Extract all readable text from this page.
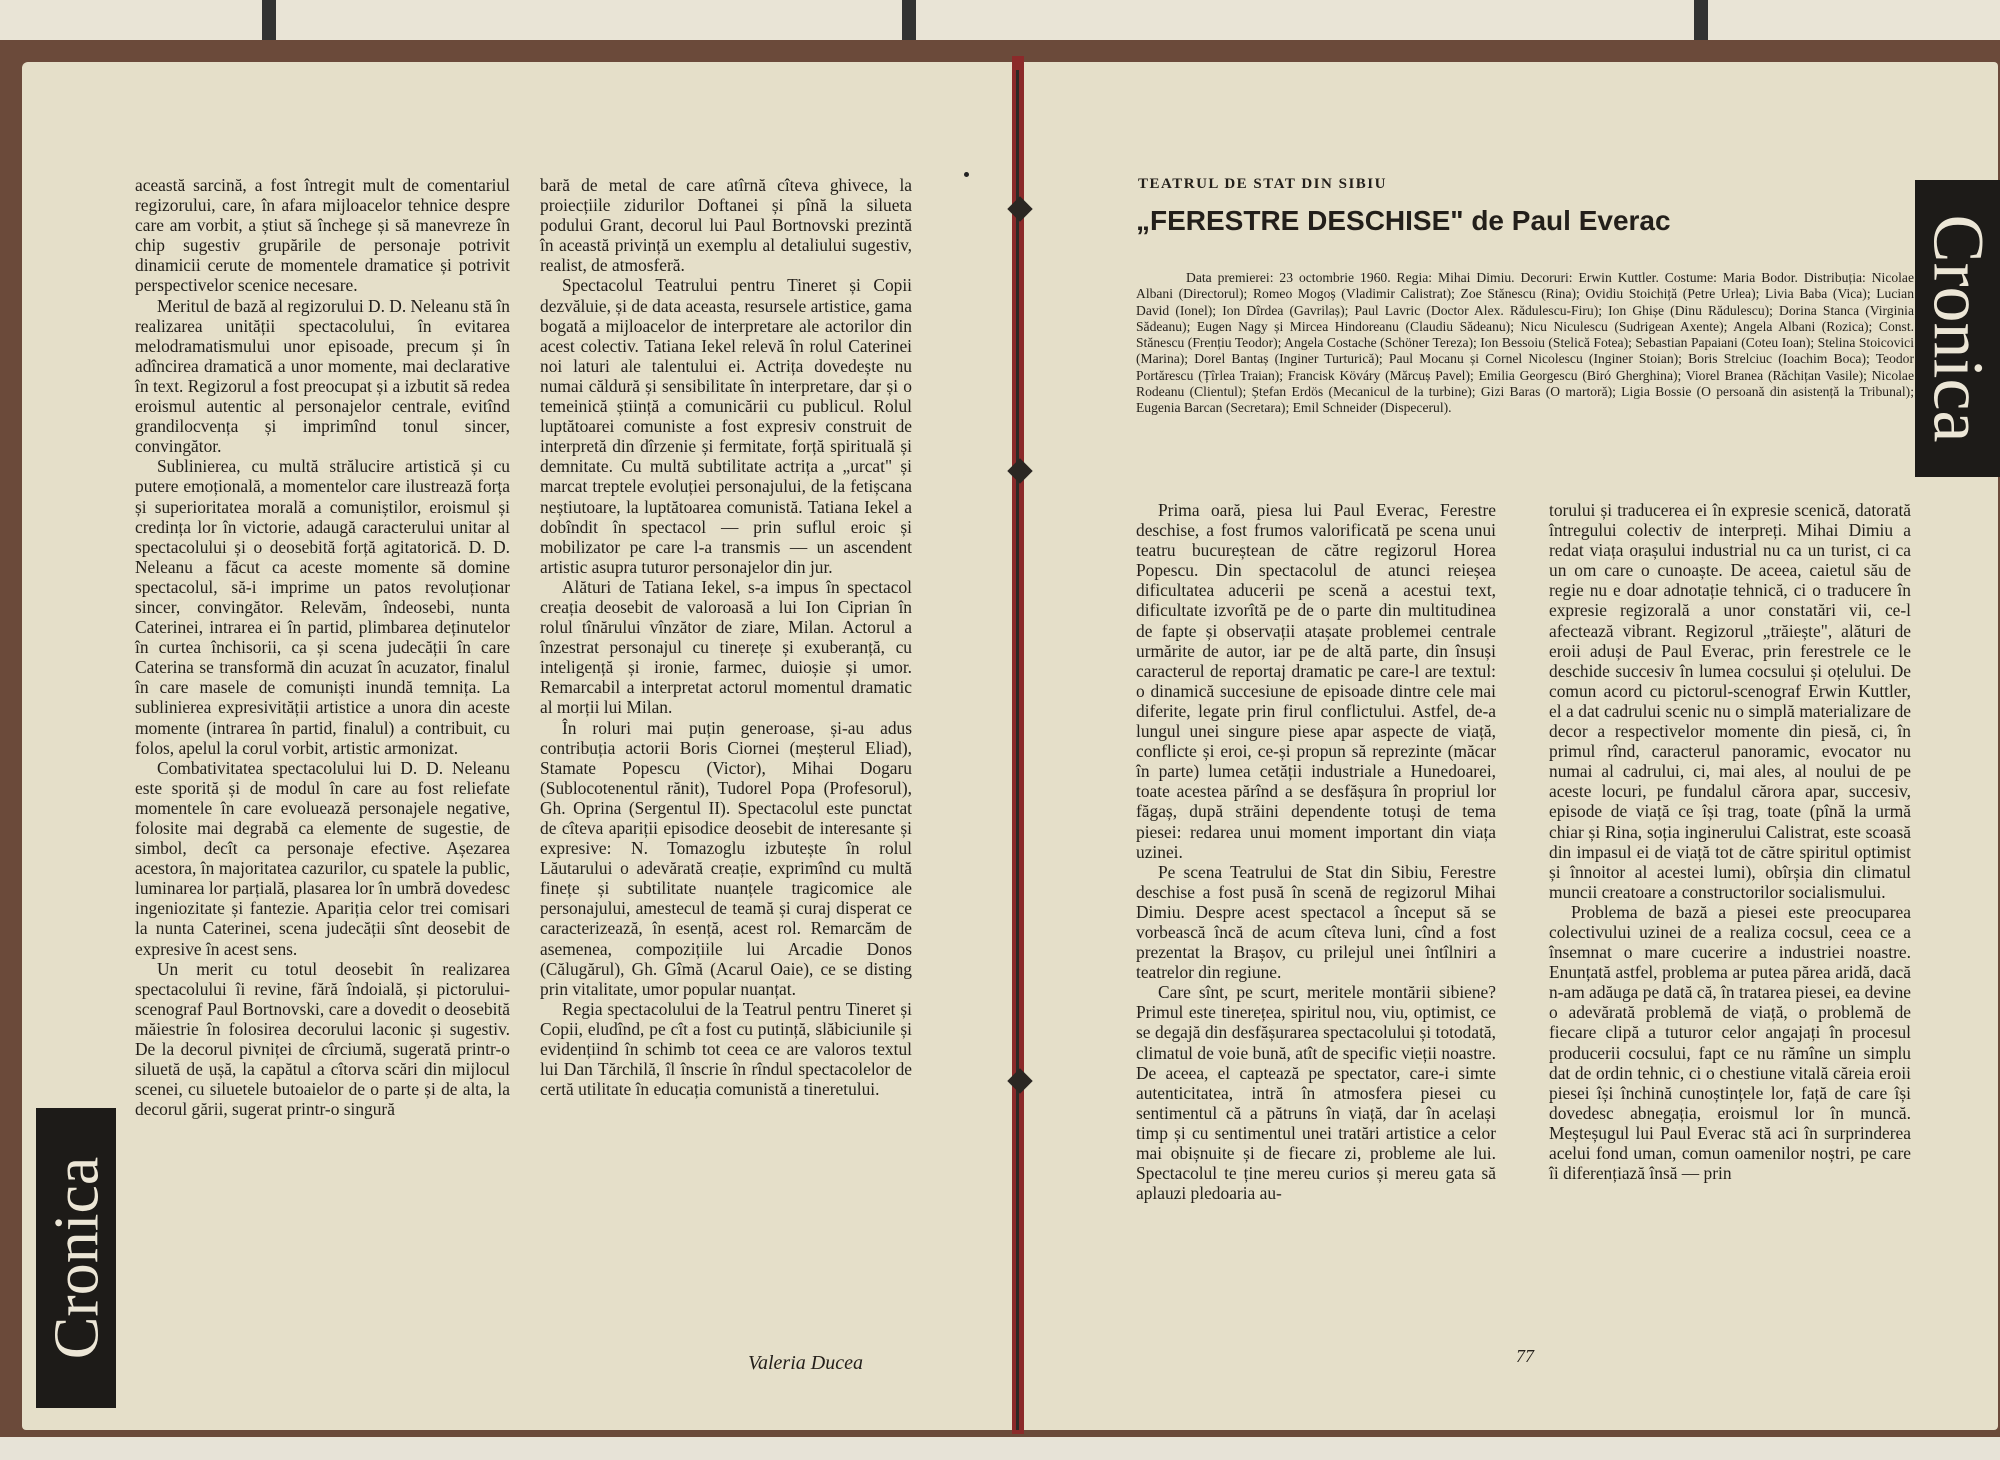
această sarcină, a fost întregit mult de comentariul regizorului, care, în afara mijloacelor tehnice despre care am vorbit, a știut să închege și să manevreze în chip sugestiv grupările de personaje potrivit dinamicii cerute de momentele dramatice și potrivit perspectivelor scenice necesare.

Meritul de bază al regizorului D. D. Neleanu stă în realizarea unității spectacolului, în evitarea melodramatismului unor episoade, precum și în adîncirea dramatică a unor momente, mai declarative în text. Regizorul a fost preocupat și a izbutit să redea eroismul autentic al personajelor centrale, evitînd grandilocvența și imprimînd tonul sincer, convingător.

Sublinierea, cu multă strălucire artistică și cu putere emoțională, a momentelor care ilustrează forța și superioritatea morală a comuniștilor, eroismul și credința lor în victorie, adaugă caracterului unitar al spectacolului și o deosebită forță agitatorică. D. D. Neleanu a făcut ca aceste momente să domine spectacolul, să-i imprime un patos revoluționar sincer, convingător. Relevăm, îndeosebi, nunta Caterinei, intrarea ei în partid, plimbarea deținutelor în curtea închisorii, ca și scena judecății în care Caterina se transformă din acuzat în acuzator, finalul în care masele de comuniști inundă temnița. La sublinierea expresivității artistice a unora din aceste momente (intrarea în partid, finalul) a contribuit, cu folos, apelul la corul vorbit, artistic armonizat.

Combativitatea spectacolului lui D. D. Neleanu este sporită și de modul în care au fost reliefate momentele în care evoluează personajele negative, folosite mai degrabă ca elemente de sugestie, de simbol, decît ca personaje efective. Așezarea acestora, în majoritatea cazurilor, cu spatele la public, luminarea lor parțială, plasarea lor în umbră dovedesc ingeniozitate și fantezie. Apariția celor trei comisari la nunta Caterinei, scena judecății sînt deosebit de expresive în acest sens.

Un merit cu totul deosebit în realizarea spectacolului îi revine, fără îndoială, și pictorului-scenograf Paul Bortnovski, care a dovedit o deosebită măiestrie în folosirea decorului laconic și sugestiv. De la decorul pivniței de cîrciumă, sugerată printr-o siluetă de ușă, la capătul a cîtorva scări din mijlocul scenei, cu siluetele butoaielor de o parte și de alta, la decorul gării, sugerat printr-o singură

bară de metal de care atîrnă cîteva ghivece, la proiecțiile zidurilor Doftanei și pînă la silueta podului Grant, decorul lui Paul Bortnovski prezintă în această privință un exemplu al detaliului sugestiv, realist, de atmosferă.

Spectacolul Teatrului pentru Tineret și Copii dezvăluie, și de data aceasta, resursele artistice, gama bogată a mijloacelor de interpretare ale actorilor din acest colectiv. Tatiana Iekel relevă în rolul Caterinei noi laturi ale talentului ei. Actrița dovedește nu numai căldură și sensibilitate în interpretare, dar și o temeinică știință a comunicării cu publicul. Rolul luptătoarei comuniste a fost expresiv construit de interpretă din dîrzenie și fermitate, forță spirituală și demnitate. Cu multă subtilitate actrița a „urcat" și marcat treptele evoluției personajului, de la fetișcana neștiutoare, la luptătoarea comunistă. Tatiana Iekel a dobîndit în spectacol — prin suflul eroic și mobilizator pe care l-a transmis — un ascendent artistic asupra tuturor personajelor din jur.

Alături de Tatiana Iekel, s-a impus în spectacol creația deosebit de valoroasă a lui Ion Ciprian în rolul tînărului vînzător de ziare, Milan. Actorul a înzestrat personajul cu tinerețe și exuberanță, cu inteligență și ironie, farmec, duioșie și umor. Remarcabil a interpretat actorul momentul dramatic al morții lui Milan.

În roluri mai puțin generoase, și-au adus contribuția actorii Boris Ciornei (meșterul Eliad), Stamate Popescu (Victor), Mihai Dogaru (Sublocotenentul rănit), Tudorel Popa (Profesorul), Gh. Oprina (Sergentul II). Spectacolul este punctat de cîteva apariții episodice deosebit de interesante și expresive: N. Tomazoglu izbutește în rolul Lăutarului o adevărată creație, exprimînd cu multă finețe și subtilitate nuanțele tragicomice ale personajului, amestecul de teamă și curaj disperat ce caracterizează, în esență, acest rol. Remarcăm de asemenea, compozițiile lui Arcadie Donos (Călugărul), Gh. Gîmă (Acarul Oaie), ce se disting prin vitalitate, umor popular nuanțat.

Regia spectacolului de la Teatrul pentru Tineret și Copii, eludînd, pe cît a fost cu putință, slăbiciunile și evidențiind în schimb tot ceea ce are valoros textul lui Dan Tărchilă, îl înscrie în rîndul spectacolelor de certă utilitate în educația comunistă a tineretului.

Valeria Ducea
Cronica
TEATRUL DE STAT DIN SIBIU
„FERESTRE DESCHISE" de Paul Everac
Data premierei: 23 octombrie 1960. Regia: Mihai Dimiu. Decoruri: Erwin Kuttler. Costume: Maria Bodor. Distribuția: Nicolae Albani (Directorul); Romeo Mogoș (Vladimir Calistrat); Zoe Stănescu (Rina); Ovidiu Stoichiță (Petre Urlea); Livia Baba (Vica); Lucian David (Ionel); Ion Dîrdea (Gavrilaș); Paul Lavric (Doctor Alex. Rădulescu-Firu); Ion Ghișe (Dinu Rădulescu); Dorina Stanca (Virginia Sădeanu); Eugen Nagy și Mircea Hindoreanu (Claudiu Sădeanu); Nicu Niculescu (Sudrigean Axente); Angela Albani (Rozica); Const. Stănescu (Frențiu Teodor); Angela Costache (Schöner Tereza); Ion Bessoiu (Stelică Fotea); Sebastian Papaiani (Coteu Ioan); Stelina Stoicovici (Marina); Dorel Bantaș (Inginer Turturică); Paul Mocanu și Cornel Nicolescu (Inginer Stoian); Boris Strelciuc (Ioachim Boca); Teodor Portărescu (Țîrlea Traian); Francisk Köváry (Mărcuș Pavel); Emilia Georgescu (Biró Gherghina); Viorel Branea (Răchițan Vasile); Nicolae Rodeanu (Clientul); Ștefan Erdös (Mecanicul de la turbine); Gizi Baras (O martoră); Ligia Bossie (O persoană din asistență la Tribunal); Eugenia Barcan (Secretara); Emil Schneider (Dispecerul).

Prima oară, piesa lui Paul Everac, Ferestre deschise, a fost frumos valorificată pe scena unui teatru bucureștean de către regizorul Horea Popescu. Din spectacolul de atunci reieșea dificultatea aducerii pe scenă a acestui text, dificultate izvorîtă pe de o parte din multitudinea de fapte și observații atașate problemei centrale urmărite de autor, iar pe de altă parte, din însuși caracterul de reportaj dramatic pe care-l are textul: o dinamică succesiune de episoade dintre cele mai diferite, legate prin firul conflictului. Astfel, de-a lungul unei singure piese apar aspecte de viață, conflicte și eroi, ce-și propun să reprezinte (măcar în parte) lumea cetății industriale a Hunedoarei, toate acestea părînd a se desfășura în propriul lor făgaș, după străini dependente totuși de tema piesei: redarea unui moment important din viața uzinei.

Pe scena Teatrului de Stat din Sibiu, Ferestre deschise a fost pusă în scenă de regizorul Mihai Dimiu. Despre acest spectacol a început să se vorbească încă de acum cîteva luni, cînd a fost prezentat la Brașov, cu prilejul unei întîlniri a teatrelor din regiune.

Care sînt, pe scurt, meritele montării sibiene? Primul este tinerețea, spiritul nou, viu, optimist, ce se degajă din desfășurarea spectacolului și totodată, climatul de voie bună, atît de specific vieții noastre. De aceea, el captează pe spectator, care-i simte autenticitatea, intră în atmosfera piesei cu sentimentul că a pătruns în viață, dar în același timp și cu sentimentul unei tratări artistice a celor mai obișnuite și de fiecare zi, probleme ale lui. Spectacolul te ține mereu curios și mereu gata să aplauzi pledoaria au-

torului și traducerea ei în expresie scenică, datorată întregului colectiv de interpreți. Mihai Dimiu a redat viața orașului industrial nu ca un turist, ci ca un om care o cunoaște. De aceea, caietul său de regie nu e doar adnotație tehnică, ci o traducere în expresie regizorală a unor constatări vii, ce-l afectează vibrant. Regizorul „trăiește", alături de eroii aduși de Paul Everac, prin ferestrele ce le deschide succesiv în lumea cocsului și oțelului. De comun acord cu pictorul-scenograf Erwin Kuttler, el a dat cadrului scenic nu o simplă materializare de decor a respectivelor momente din piesă, ci, în primul rînd, caracterul panoramic, evocator nu numai al cadrului, ci, mai ales, al noului de pe aceste locuri, pe fundalul cărora apar, succesiv, episode de viață ce își trag, toate (pînă la urmă chiar și Rina, soția inginerului Calistrat, este scoasă din impasul ei de viață tot de către spiritul optimist și înnoitor al acestei lumi), obîrșia din climatul muncii creatoare a constructorilor socialismului.

Problema de bază a piesei este preocuparea colectivului uzinei de a realiza cocsul, ceea ce a însemnat o mare cucerire a industriei noastre. Enunțată astfel, problema ar putea părea aridă, dacă n-am adăuga pe dată că, în tratarea piesei, ea devine o adevărată problemă de viață, o problemă de fiecare clipă a tuturor celor angajați în procesul producerii cocsului, fapt ce nu rămîne un simplu dat de ordin tehnic, ci o chestiune vitală căreia eroii piesei își închină cunoștințele lor, față de care își dovedesc abnegația, eroismul lor în muncă. Meșteșugul lui Paul Everac stă aci în surprinderea acelui fond uman, comun oamenilor noștri, pe care îi diferențiază însă — prin

77
Cronica
